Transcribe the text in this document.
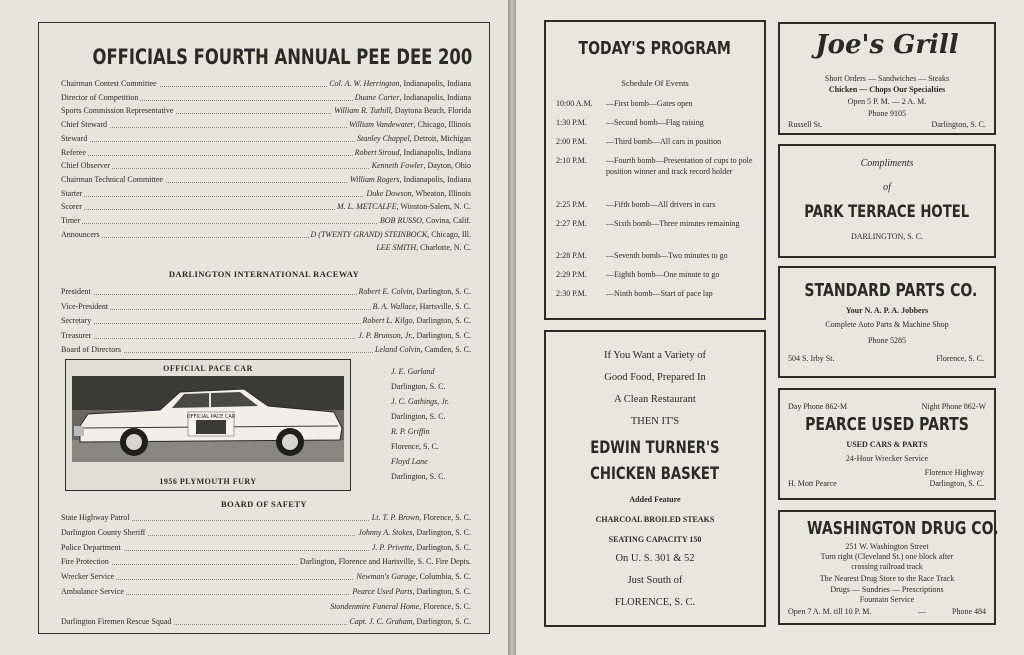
OFFICIALS FOURTH ANNUAL PEE DEE 200
Chairman Contest Committee	Col. A. W. Herrington, Indianapolis, Indiana
Director of Competition	Duane Carter, Indianapolis, Indiana
Sports Commission Representative	William R. Tuthill, Daytona Beach, Florida
Chief Steward	William Vandewater, Chicago, Illinois
Steward	Stanley Chappel, Detroit, Michigan
Referee	Robert Stroud, Indianapolis, Indiana
Chief Observer	Kenneth Fowler, Dayton, Ohio
Chairman Technical Committee	William Rogers, Indianapolis, Indiana
Starter	Duke Dowson, Wheaton, Illinois
Scorer	M. L. METCALFE, Winston-Salem, N. C.
Timer	BOB RUSSO, Covina, Calif.
Announcers	D (TWENTY GRAND) STEINBOCK, Chicago, Ill.
LEE SMITH, Charlotte, N. C.
DARLINGTON INTERNATIONAL RACEWAY
President	Robert E. Colvin, Darlington, S. C.
Vice-President	B. A. Wallace, Hartsville, S. C.
Secretary	Robert L. Kilgo, Darlington, S. C.
Treasurer	J. P. Brunson, Jr., Darlington, S. C.
Board of Directors	Leland Colvin, Camden, S. C.
OFFICIAL PACE CAR
OFFICIAL PACE CAR
1956 PLYMOUTH FURY
J. E. Garland
Darlington, S. C.
J. C. Gathings, Jr.
Darlington, S. C.
R. P. Griffin
Florence, S. C.
Floyd Lane
Darlington, S. C.
BOARD OF SAFETY
State Highway Patrol	Lt. T. P. Brown, Florence, S. C.
Darlington County Sheriff	Johnny A. Stokes, Darlington, S. C.
Police Department	J. P. Privette, Darlington, S. C.
Fire Protection	Darlington, Florence and Hartsville, S. C. Fire Depts.
Wrecker Service	Newman's Garage, Columbia, S. C.
Ambulance Service	Pearce Used Parts, Darlington, S. C.
Stondenmire Funeral Home, Florence, S. C.
Darlington Firemen Rescue Squad	Capt. J. C. Graham, Darlington, S. C.
TODAY'S PROGRAM
Schedule Of Events
10:00 A.M.	—First bomb—Gates open
1:30 P.M.	—Second bomb—Flag raising
2:00 P.M.	—Third bomb—All cars in position
2:10 P.M.	—Fourth bomb—Presentation of cups to pole position winner and track record holder
2:25 P.M.	—Fifth bomb—All drivers in cars
2:27 P.M.	—Sixth bomb—Three minutes remaining
2:28 P.M.	—Seventh bomb—Two minutes to go
2:29 P.M.	—Eighth bomb—One minute to go
2:30 P.M.	—Ninth bomb—Start of pace lap
If You Want a Variety of
Good Food, Prepared In
A Clean Restaurant
THEN IT'S
EDWIN TURNER'S
CHICKEN BASKET
Added Feature
CHARCOAL BROILED STEAKS
SEATING CAPACITY 150
On U. S. 301 & 52
Just South of
FLORENCE, S. C.
Joe's Grill
Short Orders — Sandwiches — Steaks
Chicken — Chops Our Specialties
Open 5 P. M. — 2 A. M.
Phone 9105
Russell St.	Darlington, S. C.
Compliments
of
PARK TERRACE HOTEL
DARLINGTON, S. C.
STANDARD PARTS CO.
Your N. A. P. A. Jobbers
Complete Auto Parts & Machine Shop
Phone 5285
504 S. Irby St.	Florence, S. C.
Day Phone 862-M	Night Phone 862-W
PEARCE USED PARTS
USED CARS & PARTS
24-Hour Wrecker Service
Florence Highway
H. Mott Pearce	Darlington, S. C.
WASHINGTON DRUG CO.
251 W. Washington Street
Turn right (Cleveland St.) one block after
crossing railroad track
The Nearest Drug Store to the Race Track
Drugs — Sundries — Prescriptions
Fountain Service
Open 7 A. M. till 10 P. M.	—	Phone 484
